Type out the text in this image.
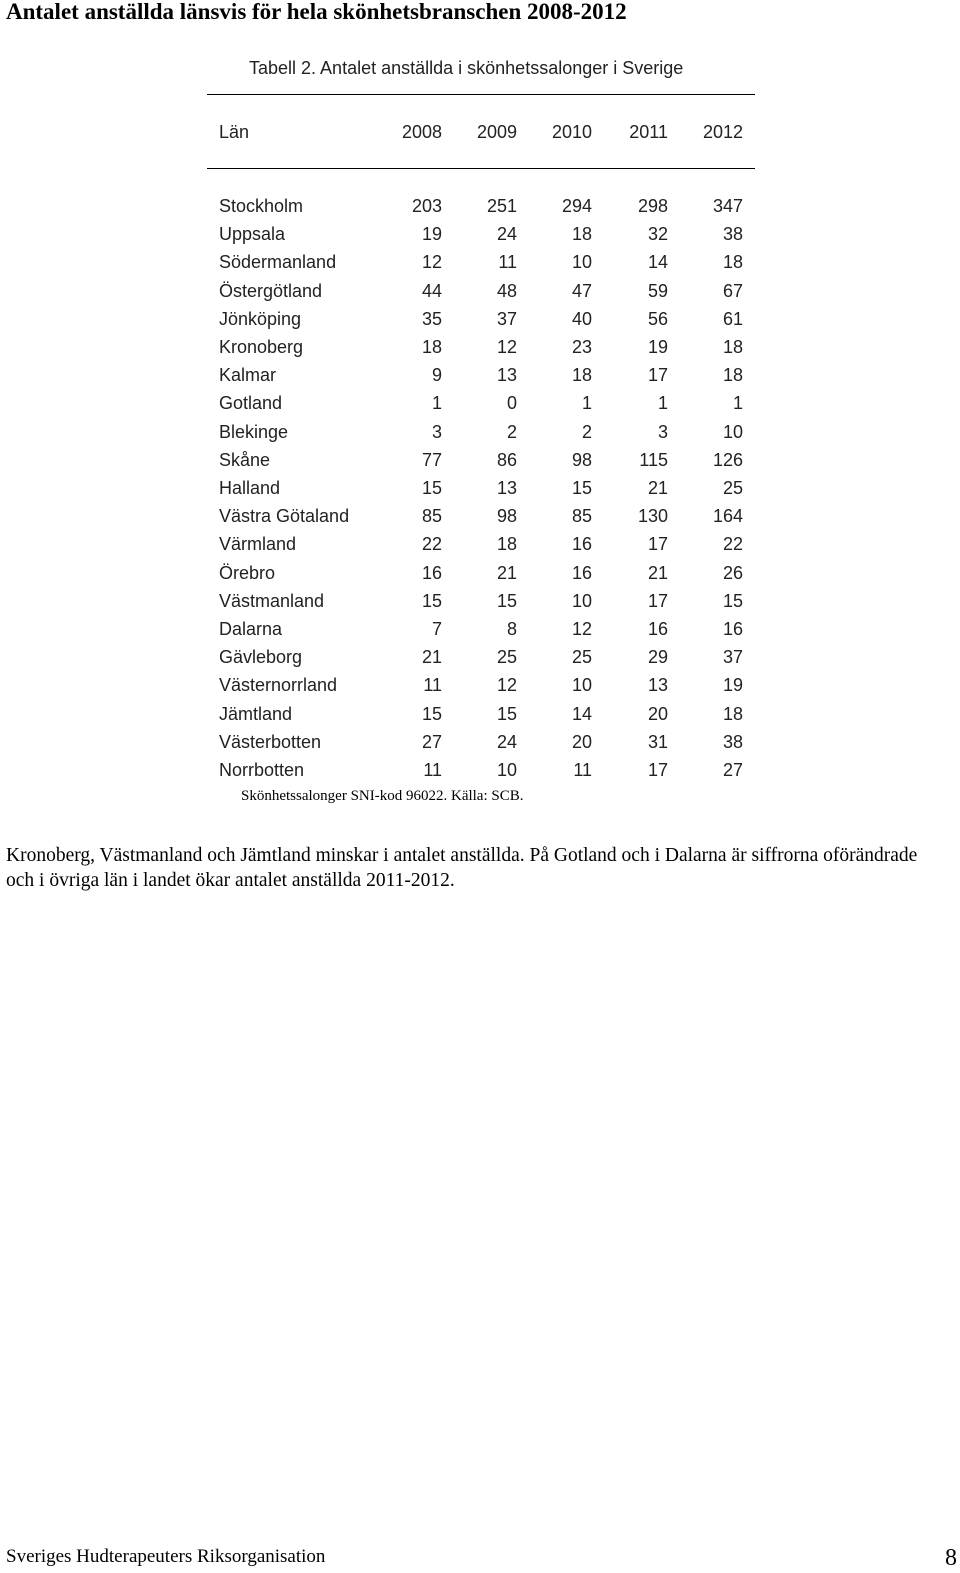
Antalet anställda länsvis för hela skönhetsbranschen 2008-2012
Tabell 2. Antalet anställda i skönhetssalonger i Sverige
Län	2008	2009	2010	2011	2012
Stockholm	203	251	294	298	347
Uppsala	19	24	18	32	38
Södermanland	12	11	10	14	18
Östergötland	44	48	47	59	67
Jönköping	35	37	40	56	61
Kronoberg	18	12	23	19	18
Kalmar	9	13	18	17	18
Gotland	1	0	1	1	1
Blekinge	3	2	2	3	10
Skåne	77	86	98	115	126
Halland	15	13	15	21	25
Västra Götaland	85	98	85	130	164
Värmland	22	18	16	17	22
Örebro	16	21	16	21	26
Västmanland	15	15	10	17	15
Dalarna	7	8	12	16	16
Gävleborg	21	25	25	29	37
Västernorrland	11	12	10	13	19
Jämtland	15	15	14	20	18
Västerbotten	27	24	20	31	38
Norrbotten	11	10	11	17	27
Skönhetssalonger SNI-kod 96022. Källa: SCB.
Kronoberg, Västmanland och Jämtland minskar i antalet anställda. På Gotland och i Dalarna är siffrorna oförändrade och i övriga län i landet ökar antalet anställda 2011-2012.
Sveriges Hudterapeuters Riksorganisation	8
